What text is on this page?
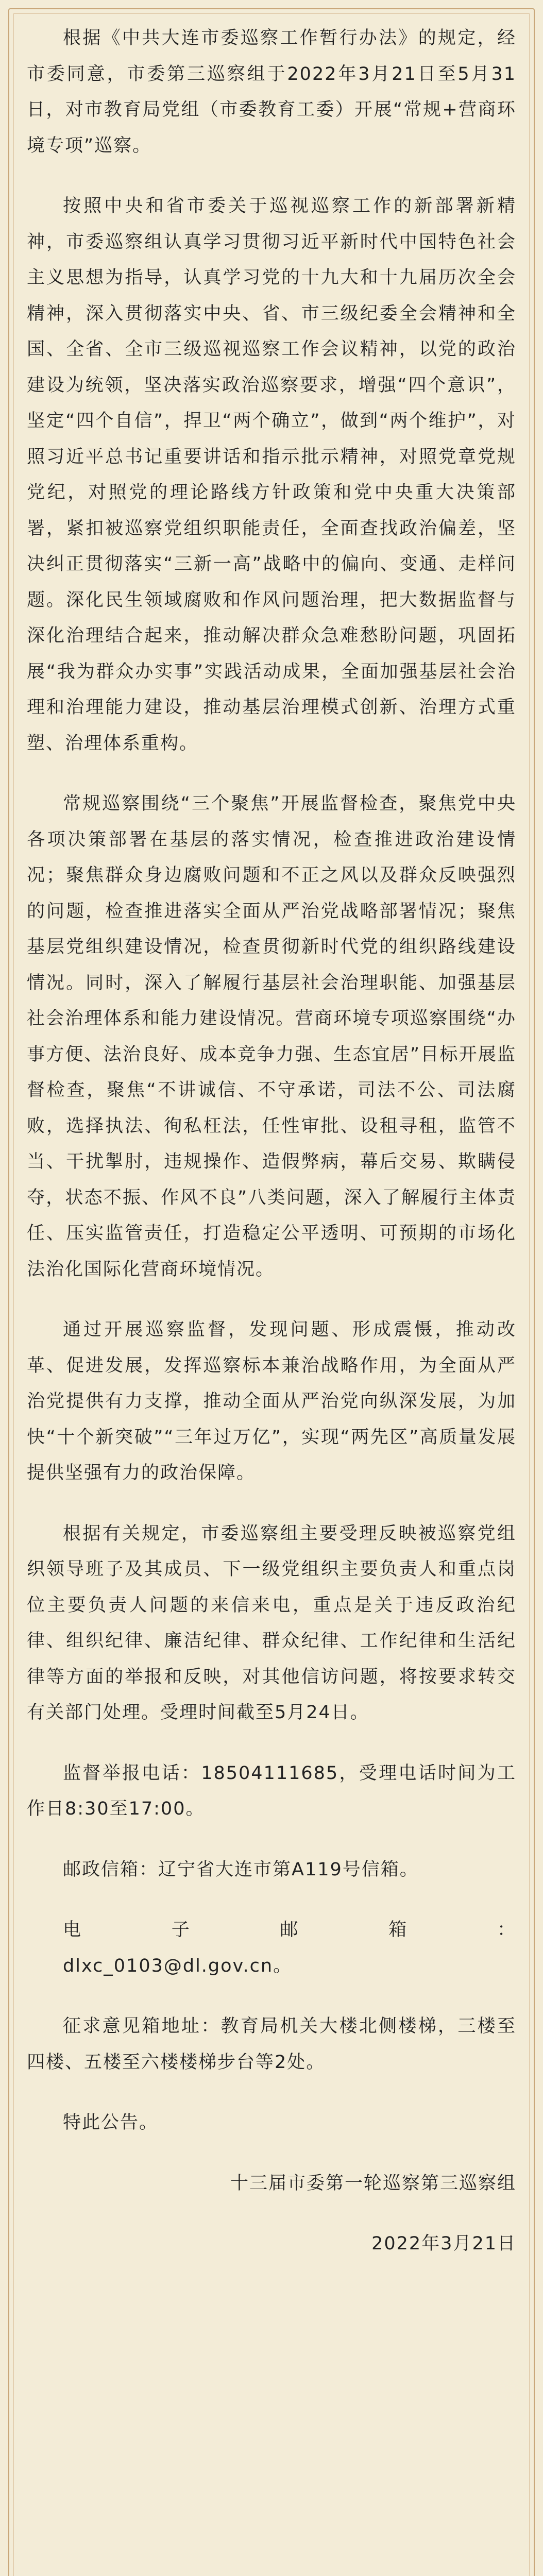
根据《中共大连市委巡察工作暂行办法》的规定，经市委同意，市委第三巡察组于2022年3月21日至5月31日，对市教育局党组（市委教育工委）开展“常规+营商环境专项”巡察。

按照中央和省市委关于巡视巡察工作的新部署新精神，市委巡察组认真学习贯彻习近平新时代中国特色社会主义思想为指导，认真学习党的十九大和十九届历次全会精神，深入贯彻落实中央、省、市三级纪委全会精神和全国、全省、全市三级巡视巡察工作会议精神，以党的政治建设为统领，坚决落实政治巡察要求，增强“四个意识”，坚定“四个自信”，捍卫“两个确立”，做到“两个维护”，对照习近平总书记重要讲话和指示批示精神，对照党章党规党纪，对照党的理论路线方针政策和党中央重大决策部署，紧扣被巡察党组织职能责任，全面查找政治偏差，坚决纠正贯彻落实“三新一高”战略中的偏向、变通、走样问题。深化民生领域腐败和作风问题治理，把大数据监督与深化治理结合起来，推动解决群众急难愁盼问题，巩固拓展“我为群众办实事”实践活动成果，全面加强基层社会治理和治理能力建设，推动基层治理模式创新、治理方式重塑、治理体系重构。

常规巡察围绕“三个聚焦”开展监督检查，聚焦党中央各项决策部署在基层的落实情况，检查推进政治建设情况；聚焦群众身边腐败问题和不正之风以及群众反映强烈的问题，检查推进落实全面从严治党战略部署情况；聚焦基层党组织建设情况，检查贯彻新时代党的组织路线建设情况。同时，深入了解履行基层社会治理职能、加强基层社会治理体系和能力建设情况。营商环境专项巡察围绕“办事方便、法治良好、成本竞争力强、生态宜居”目标开展监督检查，聚焦“不讲诚信、不守承诺，司法不公、司法腐败，选择执法、徇私枉法，任性审批、设租寻租，监管不当、干扰掣肘，违规操作、造假弊病，幕后交易、欺瞒侵夺，状态不振、作风不良”八类问题，深入了解履行主体责任、压实监管责任，打造稳定公平透明、可预期的市场化法治化国际化营商环境情况。

通过开展巡察监督，发现问题、形成震慑，推动改革、促进发展，发挥巡察标本兼治战略作用，为全面从严治党提供有力支撑，推动全面从严治党向纵深发展，为加快“十个新突破”“三年过万亿”，实现“两先区”高质量发展提供坚强有力的政治保障。

根据有关规定，市委巡察组主要受理反映被巡察党组织领导班子及其成员、下一级党组织主要负责人和重点岗位主要负责人问题的来信来电，重点是关于违反政治纪律、组织纪律、廉洁纪律、群众纪律、工作纪律和生活纪律等方面的举报和反映，对其他信访问题，将按要求转交有关部门处理。受理时间截至5月24日。

监督举报电话：18504111685，受理电话时间为工作日8:30至17:00。

邮政信箱：辽宁省大连市第A119号信箱。

电	子	邮	箱	：

dlxc_0103@dl.gov.cn。

征求意见箱地址：教育局机关大楼北侧楼梯，三楼至四楼、五楼至六楼楼梯步台等2处。

特此公告。

十三届市委第一轮巡察第三巡察组

2022年3月21日
